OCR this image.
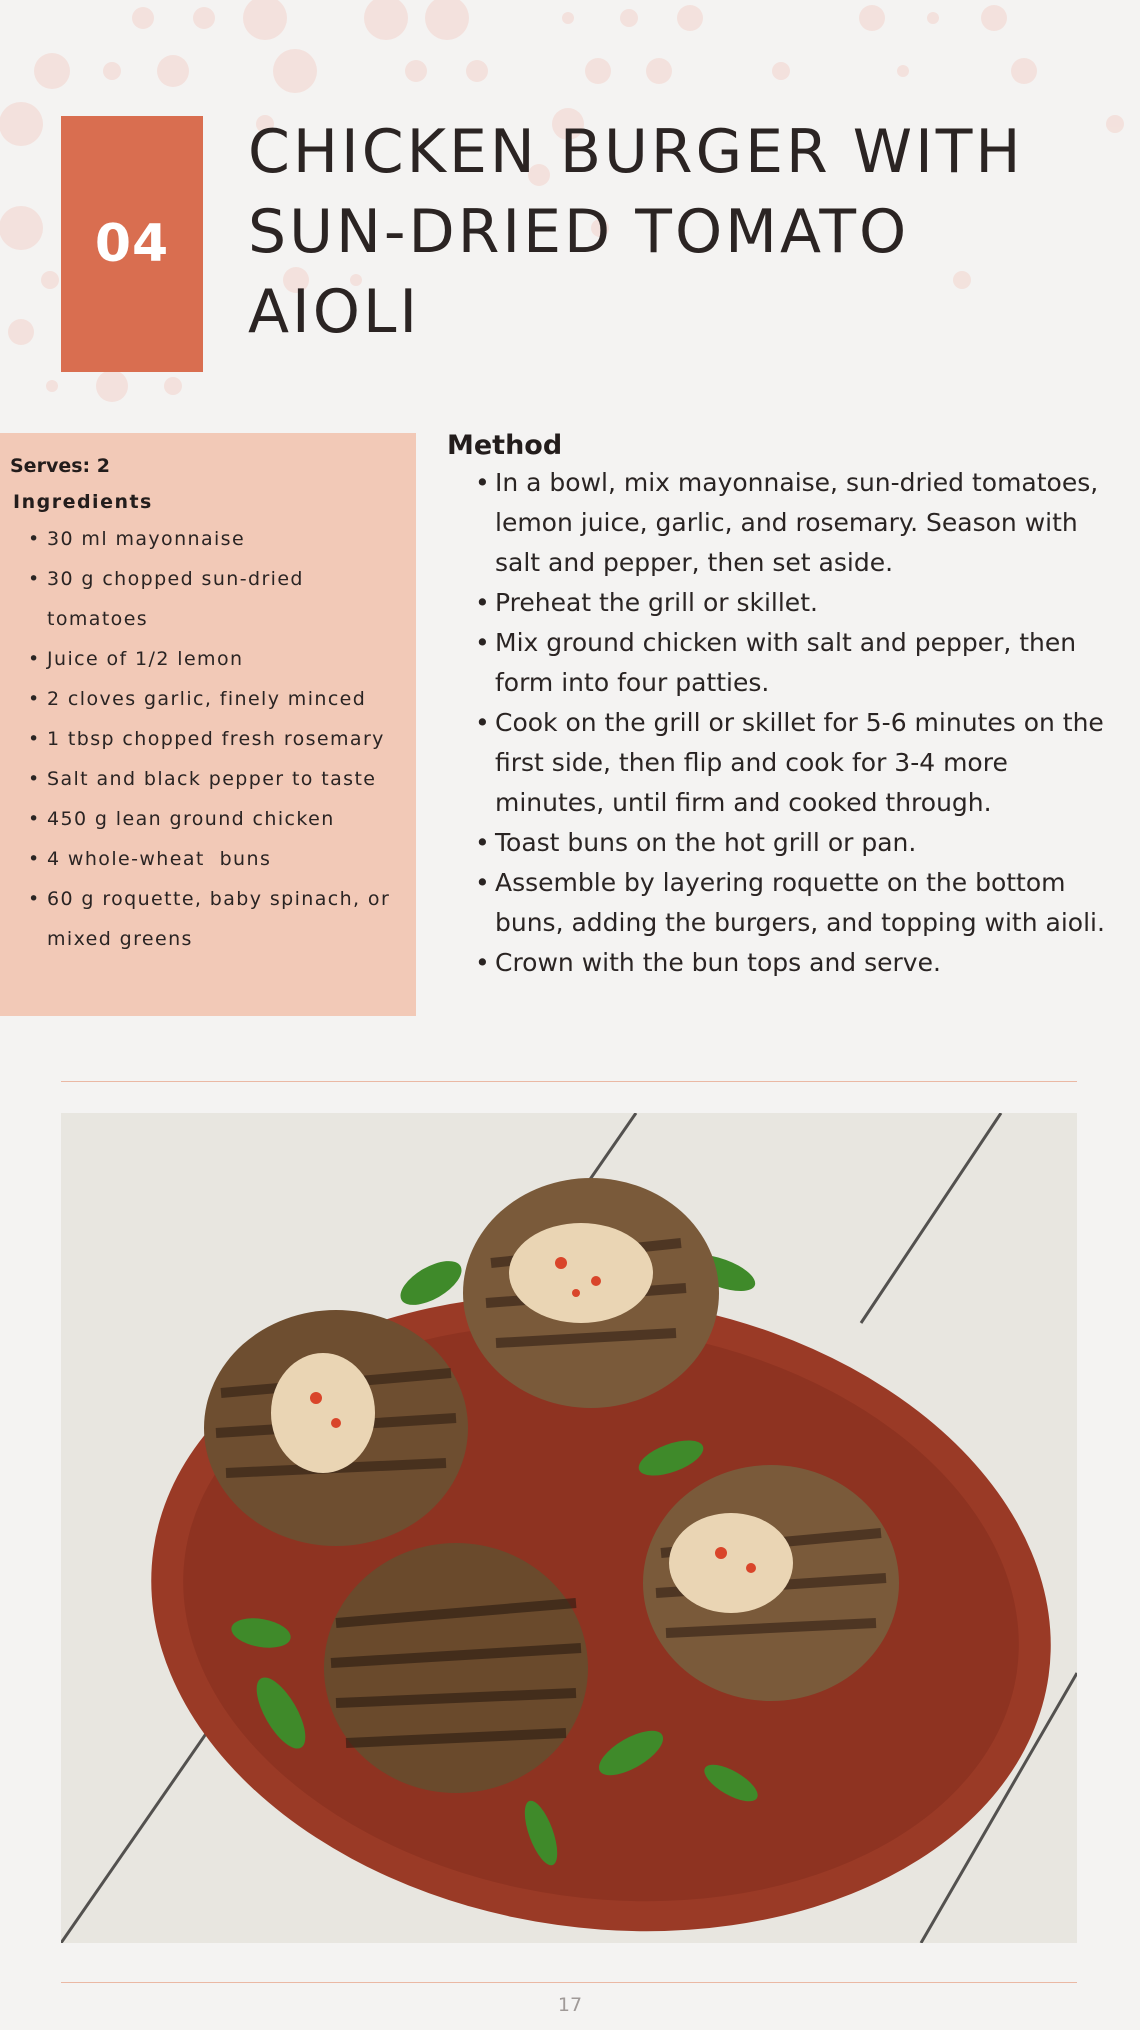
04
CHICKEN BURGER WITH
SUN-DRIED TOMATO
AIOLI
Serves: 2
Ingredients
• 30 ml mayonnaise
• 30 g chopped sun-dried tomatoes
• Juice of 1/2 lemon
• 2 cloves garlic, finely minced
• 1 tbsp chopped fresh rosemary
• Salt and black pepper to taste
• 450 g lean ground chicken
• 4 whole-wheat  buns
• 60 g roquette, baby spinach, or mixed greens
Method
• In a bowl, mix mayonnaise, sun-dried tomatoes, lemon juice, garlic, and rosemary. Season with salt and pepper, then set aside.
• Preheat the grill or skillet.
• Mix ground chicken with salt and pepper, then form into four patties.
• Cook on the grill or skillet for 5-6 minutes on the first side, then flip and cook for 3-4 more minutes, until firm and cooked through.
• Toast buns on the hot grill or pan.
• Assemble by layering roquette on the bottom buns, adding the burgers, and topping with aioli.
• Crown with the bun tops and serve.
17
